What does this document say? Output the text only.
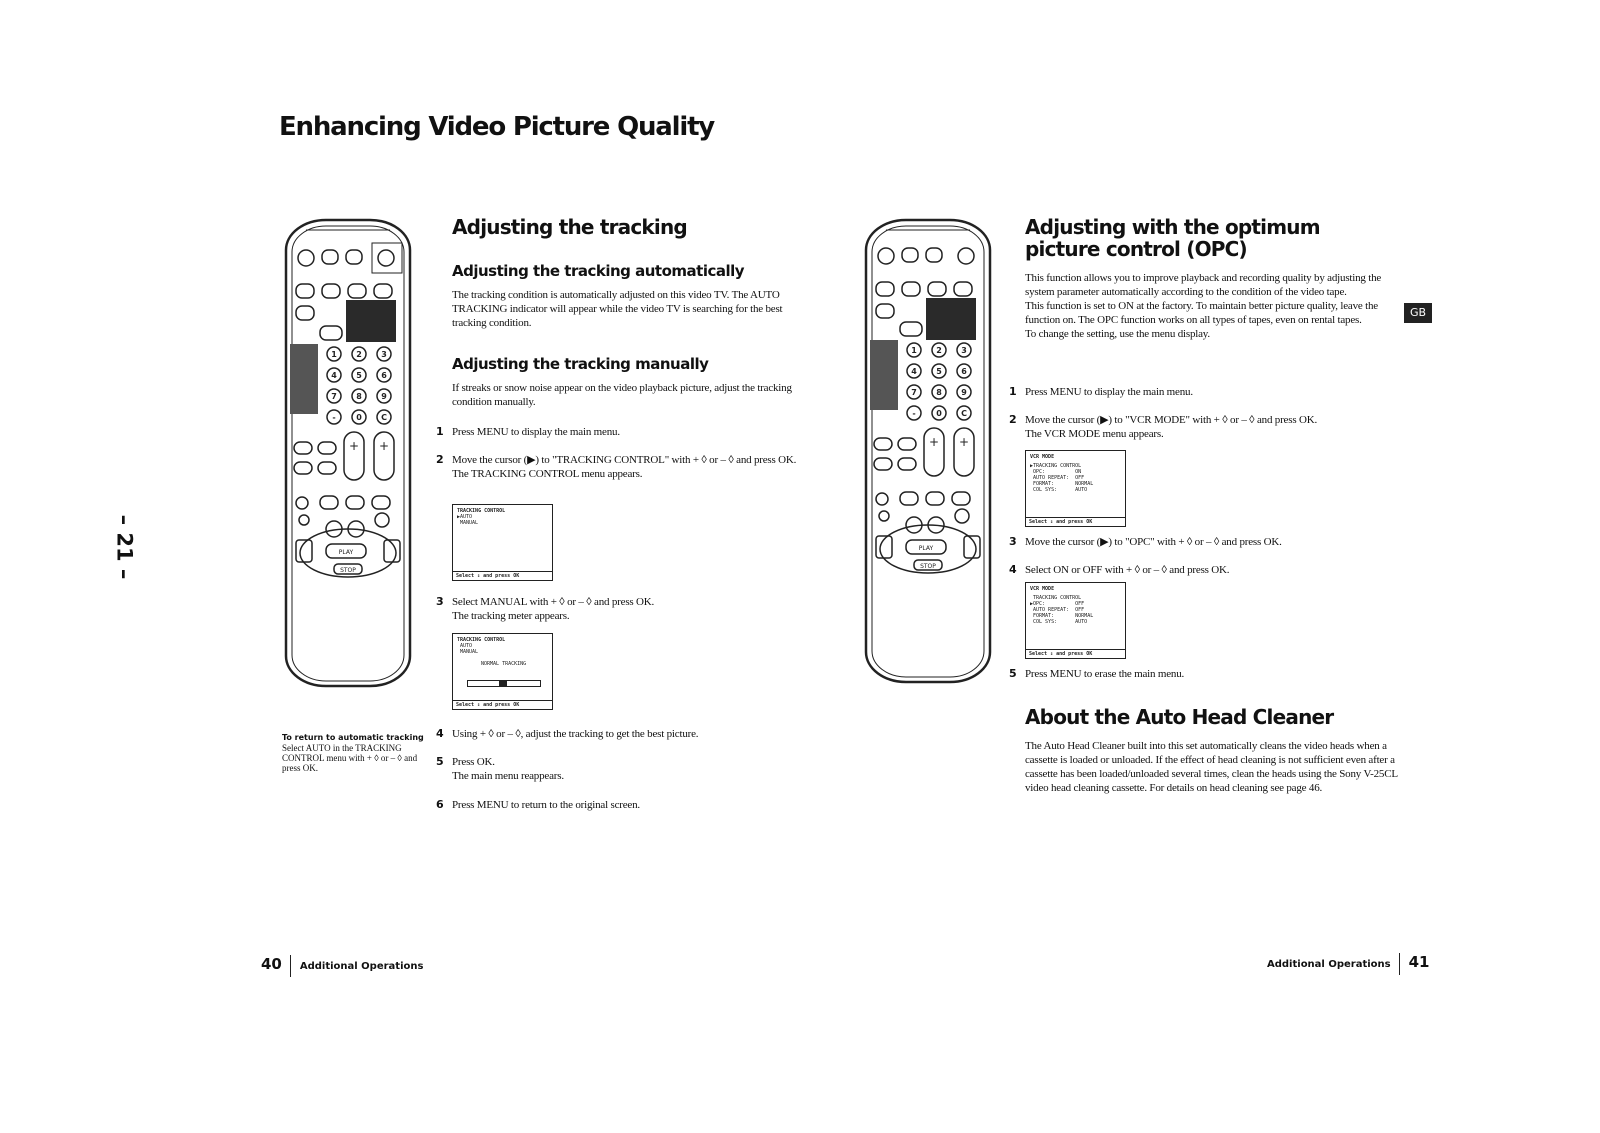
Enhancing Video Picture Quality
– 21 –
1 2 3
4 5 6
7 8 9
-	0 C
+ +
PLAY
STOP
Adjusting the tracking
Adjusting the tracking automatically
The tracking condition is automatically adjusted on this video TV. The AUTO TRACKING indicator will appear while the video TV is searching for the best tracking condition.
Adjusting the tracking manually
If streaks or snow noise appear on the video playback picture, adjust the tracking condition manually.
1 Press MENU to display the main menu.
2 Move the cursor (▶) to "TRACKING CONTROL" with + ◊ or – ◊ and press OK.
The TRACKING CONTROL menu appears.
TRACKING CONTROL
▶AUTO
MANUAL
Select ⇕ and press OK
3 Select MANUAL with + ◊ or – ◊ and press OK.
The tracking meter appears.
TRACKING CONTROL
AUTO
MANUAL
NORMAL TRACKING
Select ⇕ and press OK
4 Using + ◊ or – ◊, adjust the tracking to get the best picture.
5 Press OK.
The main menu reappears.
6 Press MENU to return to the original screen.
To return to automatic tracking
Select AUTO in the TRACKING CONTROL menu with + ◊ or – ◊ and press OK.
40 Additional Operations
1 2 3
4 5 6
7 8 9
-	0 C
+ +
PLAY
STOP
Adjusting with the optimum picture control (OPC)
This function allows you to improve playback and recording quality by adjusting the system parameter automatically according to the condition of the video tape.
This function is set to ON at the factory. To maintain better picture quality, leave the function on. The OPC function works on all types of tapes, even on rental tapes.
To change the setting, use the menu display.
GB
1 Press MENU to display the main menu.
2 Move the cursor (▶) to "VCR MODE" with + ◊ or – ◊ and press OK.
The VCR MODE menu appears.
VCR MODE
▶TRACKING CONTROL
OPC:          ON
AUTO REPEAT:  OFF
FORMAT:       NORMAL
COL SYS:      AUTO
Select ⇕ and press OK
3 Move the cursor (▶) to "OPC" with + ◊ or – ◊ and press OK.
4 Select ON or OFF with + ◊ or – ◊ and press OK.
VCR MODE
TRACKING CONTROL
▶OPC:          OFF
AUTO REPEAT:  OFF
FORMAT:       NORMAL
COL SYS:      AUTO
Select ⇕ and press OK
5 Press MENU to erase the main menu.
About the Auto Head Cleaner
The Auto Head Cleaner built into this set automatically cleans the video heads when a cassette is loaded or unloaded. If the effect of head cleaning is not sufficient even after a cassette has been loaded/unloaded several times, clean the heads using the Sony V-25CL video head cleaning cassette. For details on head cleaning see page 46.
Additional Operations 41
